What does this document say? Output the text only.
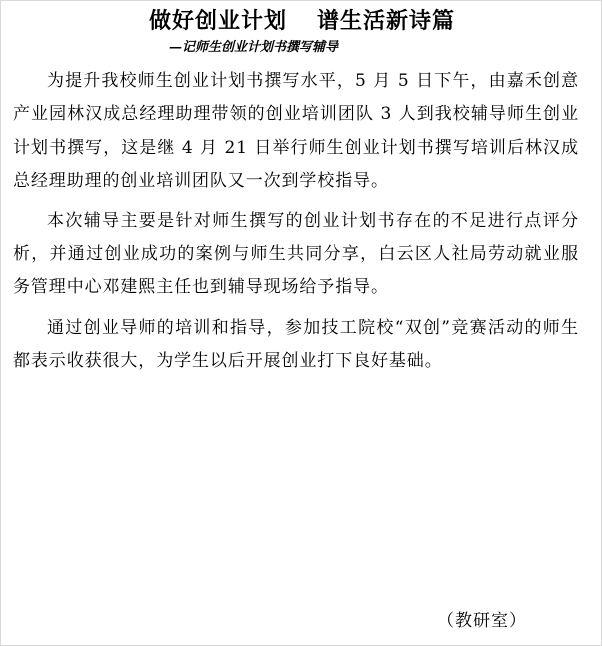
做好创业计划 谱生活新诗篇
—记师生创业计划书撰写辅导

为提升我校师生创业计划书撰写水平，5 月 5 日下午，由嘉禾创意产业园林汉成总经理助理带领的创业培训团队 3 人到我校辅导师生创业计划书撰写，这是继 4 月 21 日举行师生创业计划书撰写培训后林汉成总经理助理的创业培训团队又一次到学校指导。

本次辅导主要是针对师生撰写的创业计划书存在的不足进行点评分析，并通过创业成功的案例与师生共同分享，白云区人社局劳动就业服务管理中心邓建熙主任也到辅导现场给予指导。

通过创业导师的培训和指导，参加技工院校“双创”竞赛活动的师生都表示收获很大，为学生以后开展创业打下良好基础。

（教研室）
